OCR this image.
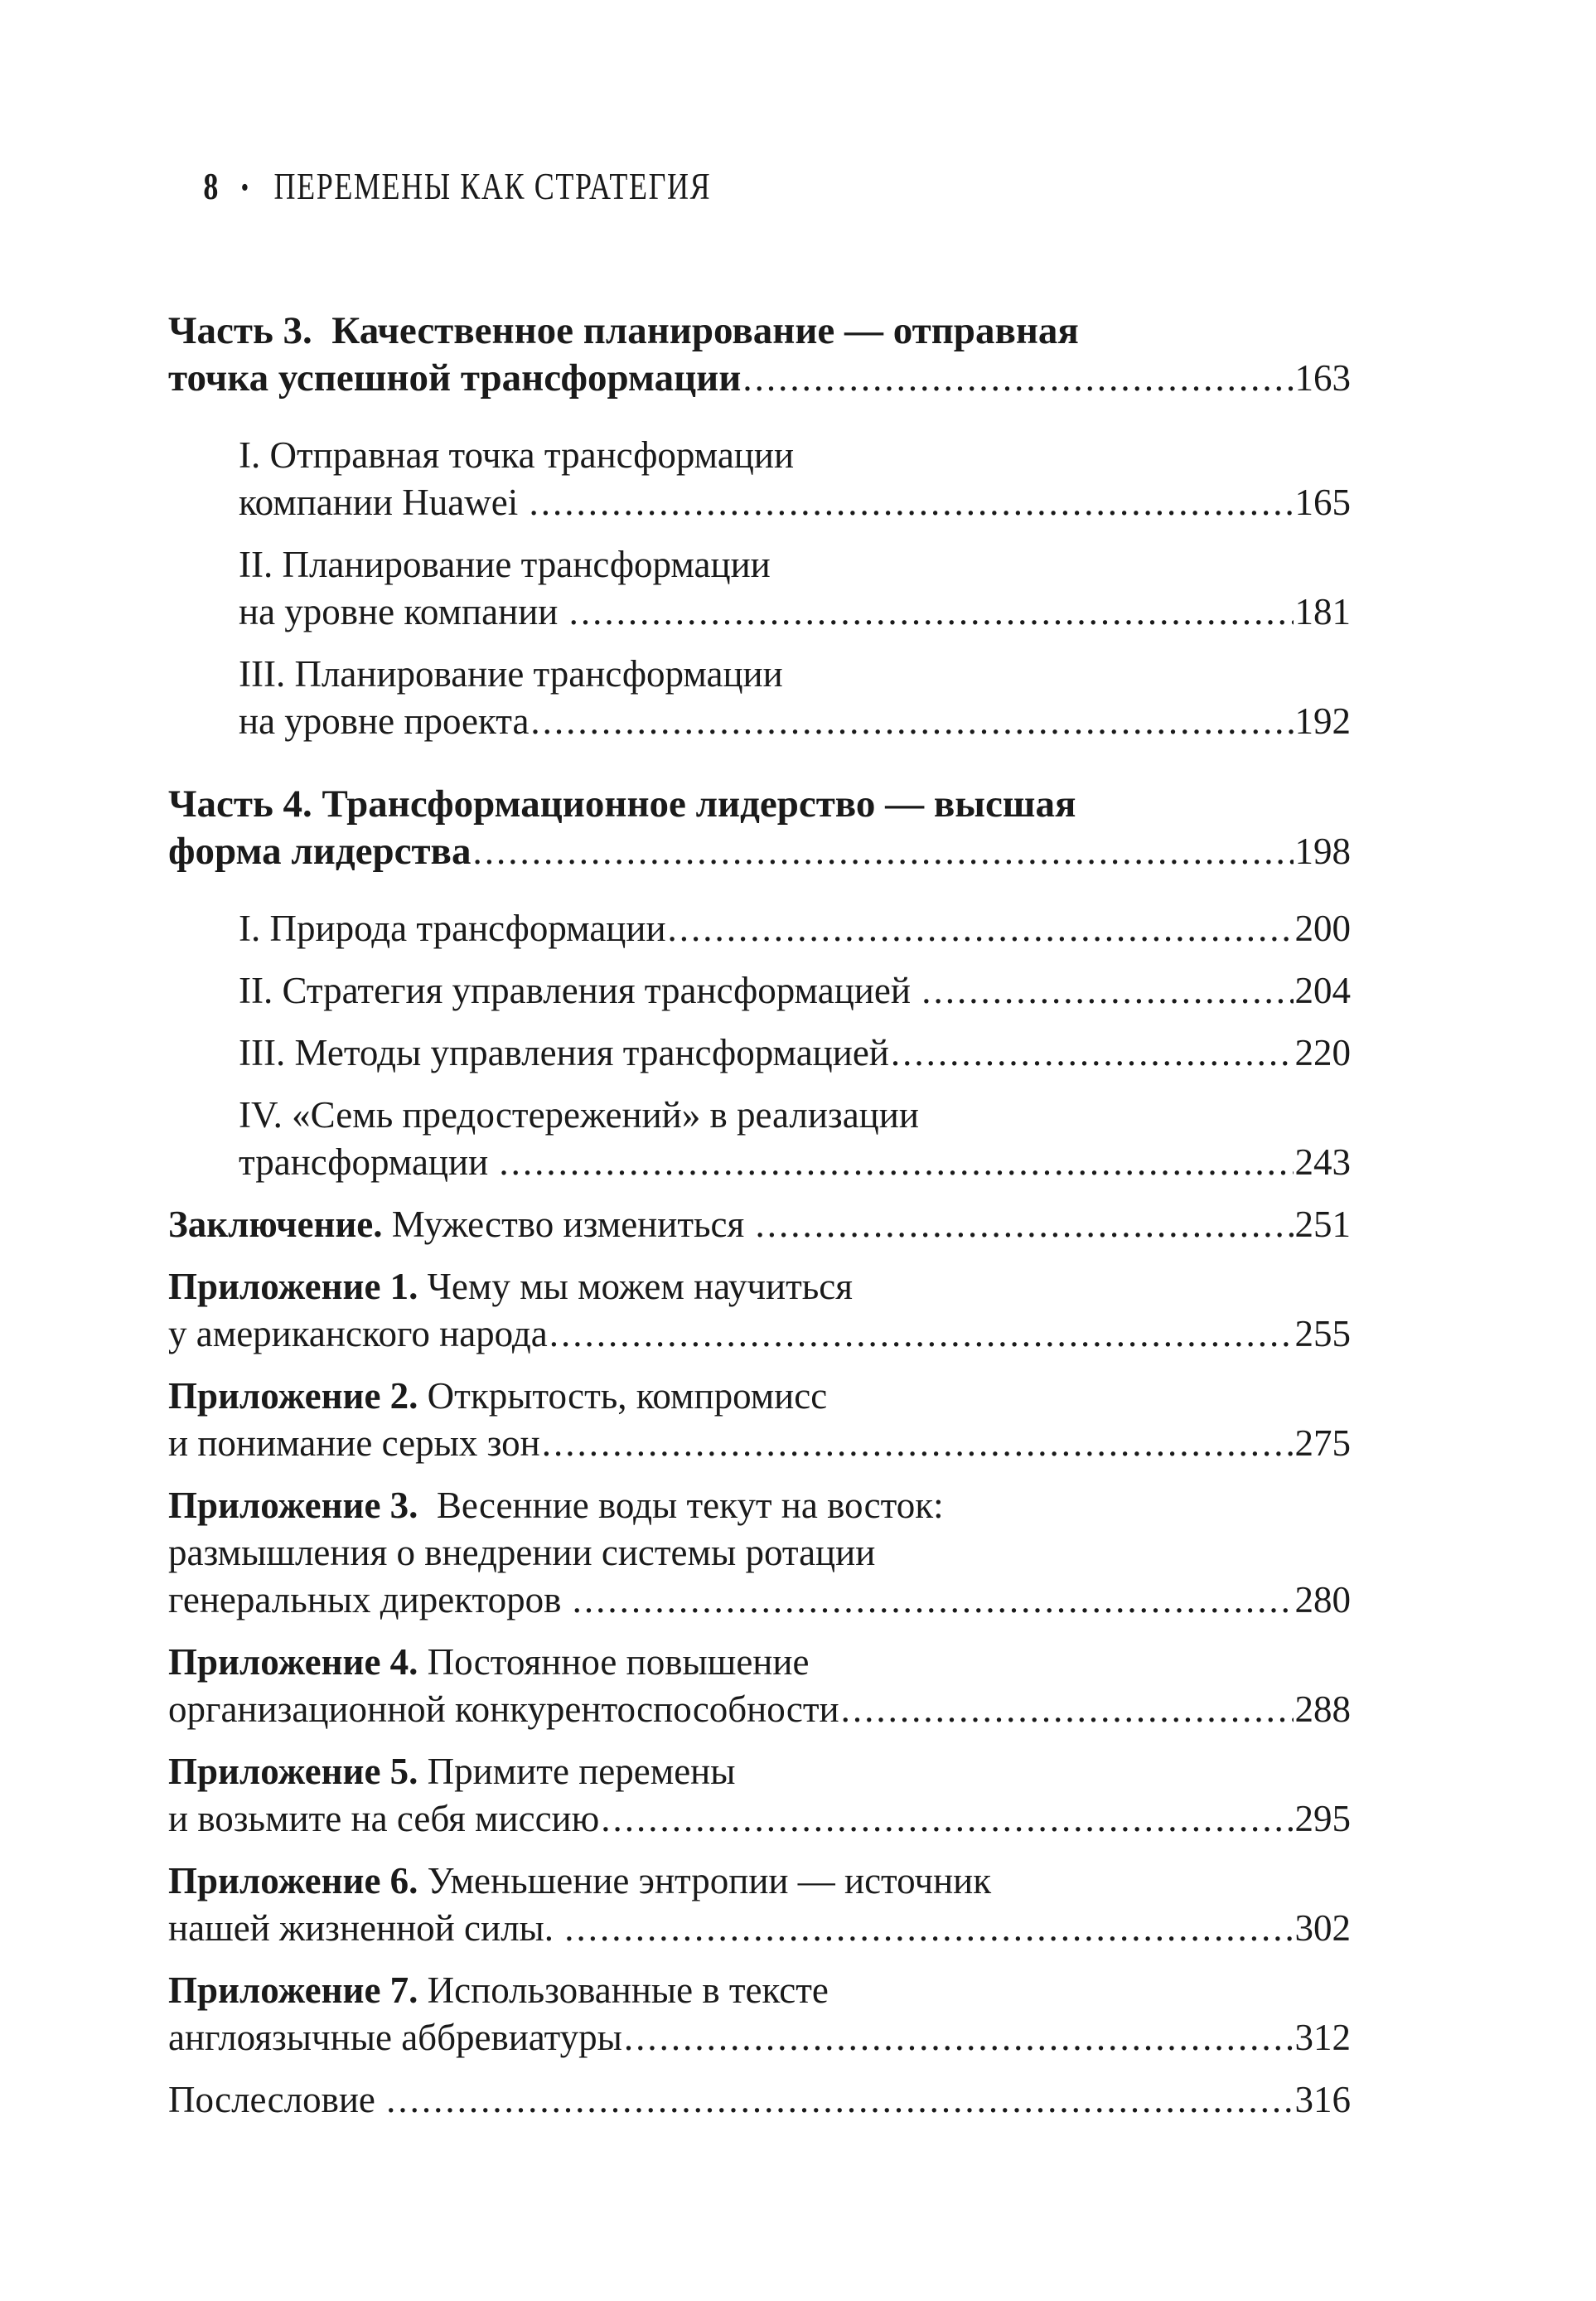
8 • ПЕРЕМЕНЫ КАК СТРАТЕГИЯ

Часть 3.  Качественное планирование — отправная
точка успешной трансформации .....	163
I. Отправная точка трансформации
компании Huawei .....	165
II. Планирование трансформации
на уровне компании .....	181
III. Планирование трансформации
на уровне проекта .....	192
Часть 4. Трансформационное лидерство — высшая
форма лидерства .....	198
I. Природа трансформации .....	200
II. Стратегия управления трансформацией .....	204
III. Методы управления трансформацией .....	220
IV. «Семь предостережений» в реализации
трансформации .....	243
Заключение. Мужество измениться .....	251
Приложение 1. Чему мы можем научиться
у американского народа .....	255
Приложение 2. Открытость, компромисс
и понимание серых зон .....	275
Приложение 3.  Весенние воды текут на восток:
размышления о внедрении системы ротации
генеральных директоров .....	280
Приложение 4. Постоянное повышение
организационной конкурентоспособности .....	288
Приложение 5. Примите перемены
и возьмите на себя миссию .....	295
Приложение 6. Уменьшение энтропии — источник
нашей жизненной силы. .....	302
Приложение 7. Использованные в тексте
англоязычные аббревиатуры .....	312
Послесловие .....	316
